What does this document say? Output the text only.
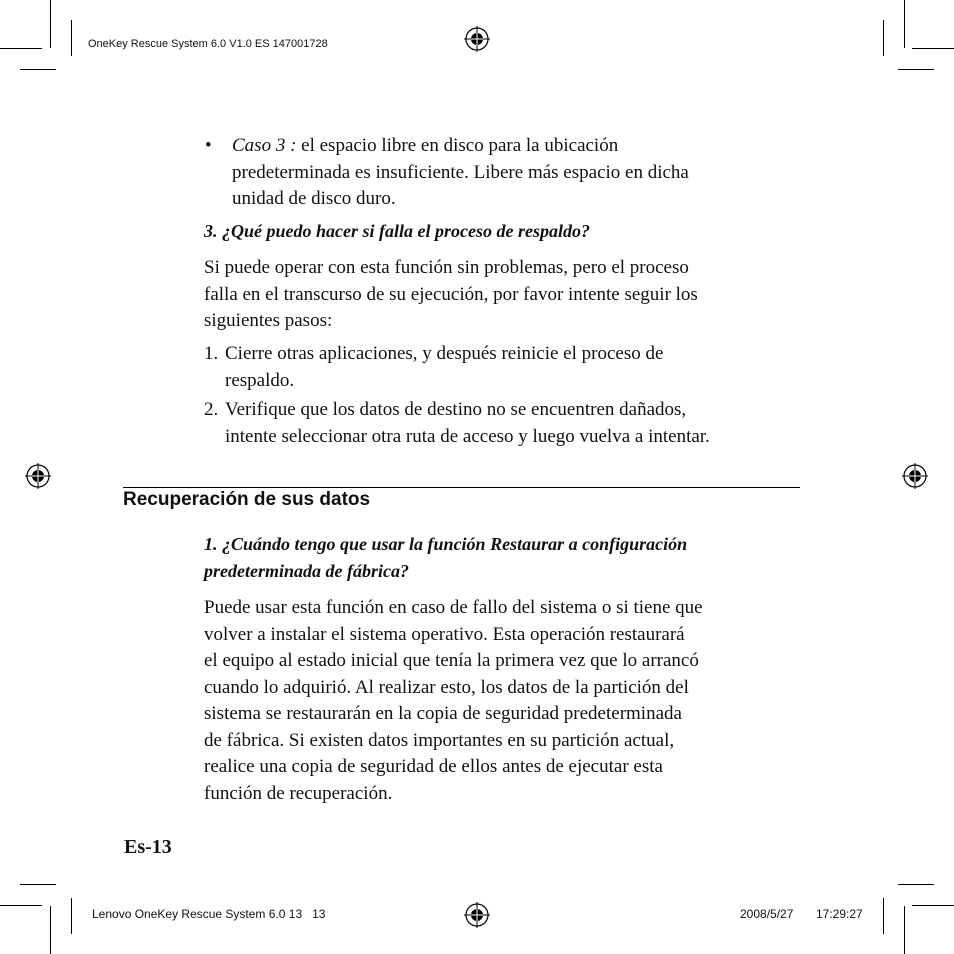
OneKey Rescue System 6.0 V1.0 ES 147001728
• Caso 3 : el espacio libre en disco para la ubicación
predeterminada es insuficiente. Libere más espacio en dicha
unidad de disco duro.
3. ¿Qué puedo hacer si falla el proceso de respaldo?
Si puede operar con esta función sin problemas, pero el proceso
falla en el transcurso de su ejecución, por favor intente seguir los
siguientes pasos:
1. Cierre otras aplicaciones, y después reinicie el proceso de
respaldo.
2. Verifique que los datos de destino no se encuentren dañados,
intente seleccionar otra ruta de acceso y luego vuelva a intentar.
Recuperación de sus datos
1. ¿Cuándo tengo que usar la función Restaurar a configuración
predeterminada de fábrica?
Puede usar esta función en caso de fallo del sistema o si tiene que
volver a instalar el sistema operativo. Esta operación restaurará
el equipo al estado inicial que tenía la primera vez que lo arrancó
cuando lo adquirió. Al realizar esto, los datos de la partición del
sistema se restaurarán en la copia de seguridad predeterminada
de fábrica. Si existen datos importantes en su partición actual,
realice una copia de seguridad de ellos antes de ejecutar esta
función de recuperación.
Es-13
Lenovo OneKey Rescue System 6.0 13   13	2008/5/27 17:29:27
